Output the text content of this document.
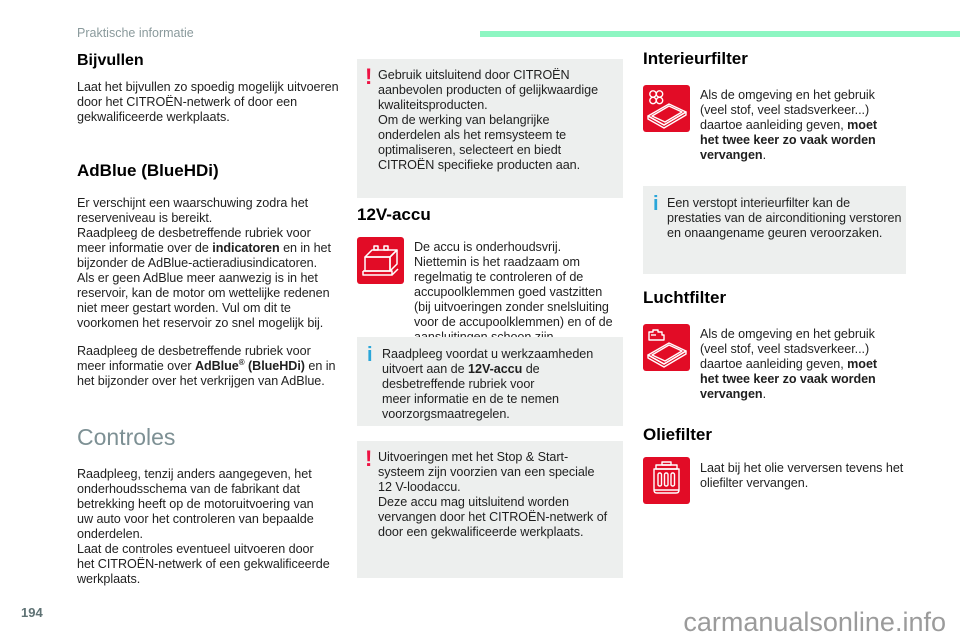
Praktische informatie
Bijvullen
Laat het bijvullen zo spoedig mogelijk uitvoeren
door het CITROËN-netwerk of door een
gekwalificeerde werkplaats.
AdBlue (BlueHDi)
Er verschijnt een waarschuwing zodra het
reserveniveau is bereikt.
Raadpleeg de desbetreffende rubriek voor
meer informatie over de indicatoren en in het
bijzonder de AdBlue-actieradiusindicatoren.
Als er geen AdBlue meer aanwezig is in het
reservoir, kan de motor om wettelijke redenen
niet meer gestart worden. Vul om dit te
voorkomen het reservoir zo snel mogelijk bij.
Raadpleeg de desbetreffende rubriek voor
meer informatie over AdBlue® (BlueHDi) en in
het bijzonder over het verkrijgen van AdBlue.
Controles
Raadpleeg, tenzij anders aangegeven, het
onderhoudsschema van de fabrikant dat
betrekking heeft op de motoruitvoering van
uw auto voor het controleren van bepaalde
onderdelen.
Laat de controles eventueel uitvoeren door
het CITROËN-netwerk of een gekwalificeerde
werkplaats.
194
! Gebruik uitsluitend door CITROËN
aanbevolen producten of gelijkwaardige
kwaliteitsproducten.
Om de werking van belangrijke
onderdelen als het remsysteem te
optimaliseren, selecteert en biedt
CITROËN specifieke producten aan.
12V-accu
De accu is onderhoudsvrij.
Niettemin is het raadzaam om
regelmatig te controleren of de
accupoolklemmen goed vastzitten
(bij uitvoeringen zonder snelsluiting
voor de accupoolklemmen) en of de

i Raadpleeg voordat u werkzaamheden
uitvoert aan de 12V-accu de
desbetreffende rubriek voor
meer informatie en de te nemen
voorzorgsmaatregelen.
! Uitvoeringen met het Stop & Start-
systeem zijn voorzien van een speciale
12 V-loodaccu.
Deze accu mag uitsluitend worden
vervangen door het CITROËN-netwerk of
door een gekwalificeerde werkplaats.
Interieurfilter
Als de omgeving en het gebruik
(veel stof, veel stadsverkeer...)
daartoe aanleiding geven, moet
het twee keer zo vaak worden
vervangen.
i Een verstopt interieurfilter kan de
prestaties van de airconditioning verstoren
en onaangename geuren veroorzaken.
Luchtfilter
Als de omgeving en het gebruik
(veel stof, veel stadsverkeer...)
daartoe aanleiding geven, moet
het twee keer zo vaak worden
vervangen.
Oliefilter
Laat bij het olie verversen tevens het
oliefilter vervangen.
carmanualsonline.info
